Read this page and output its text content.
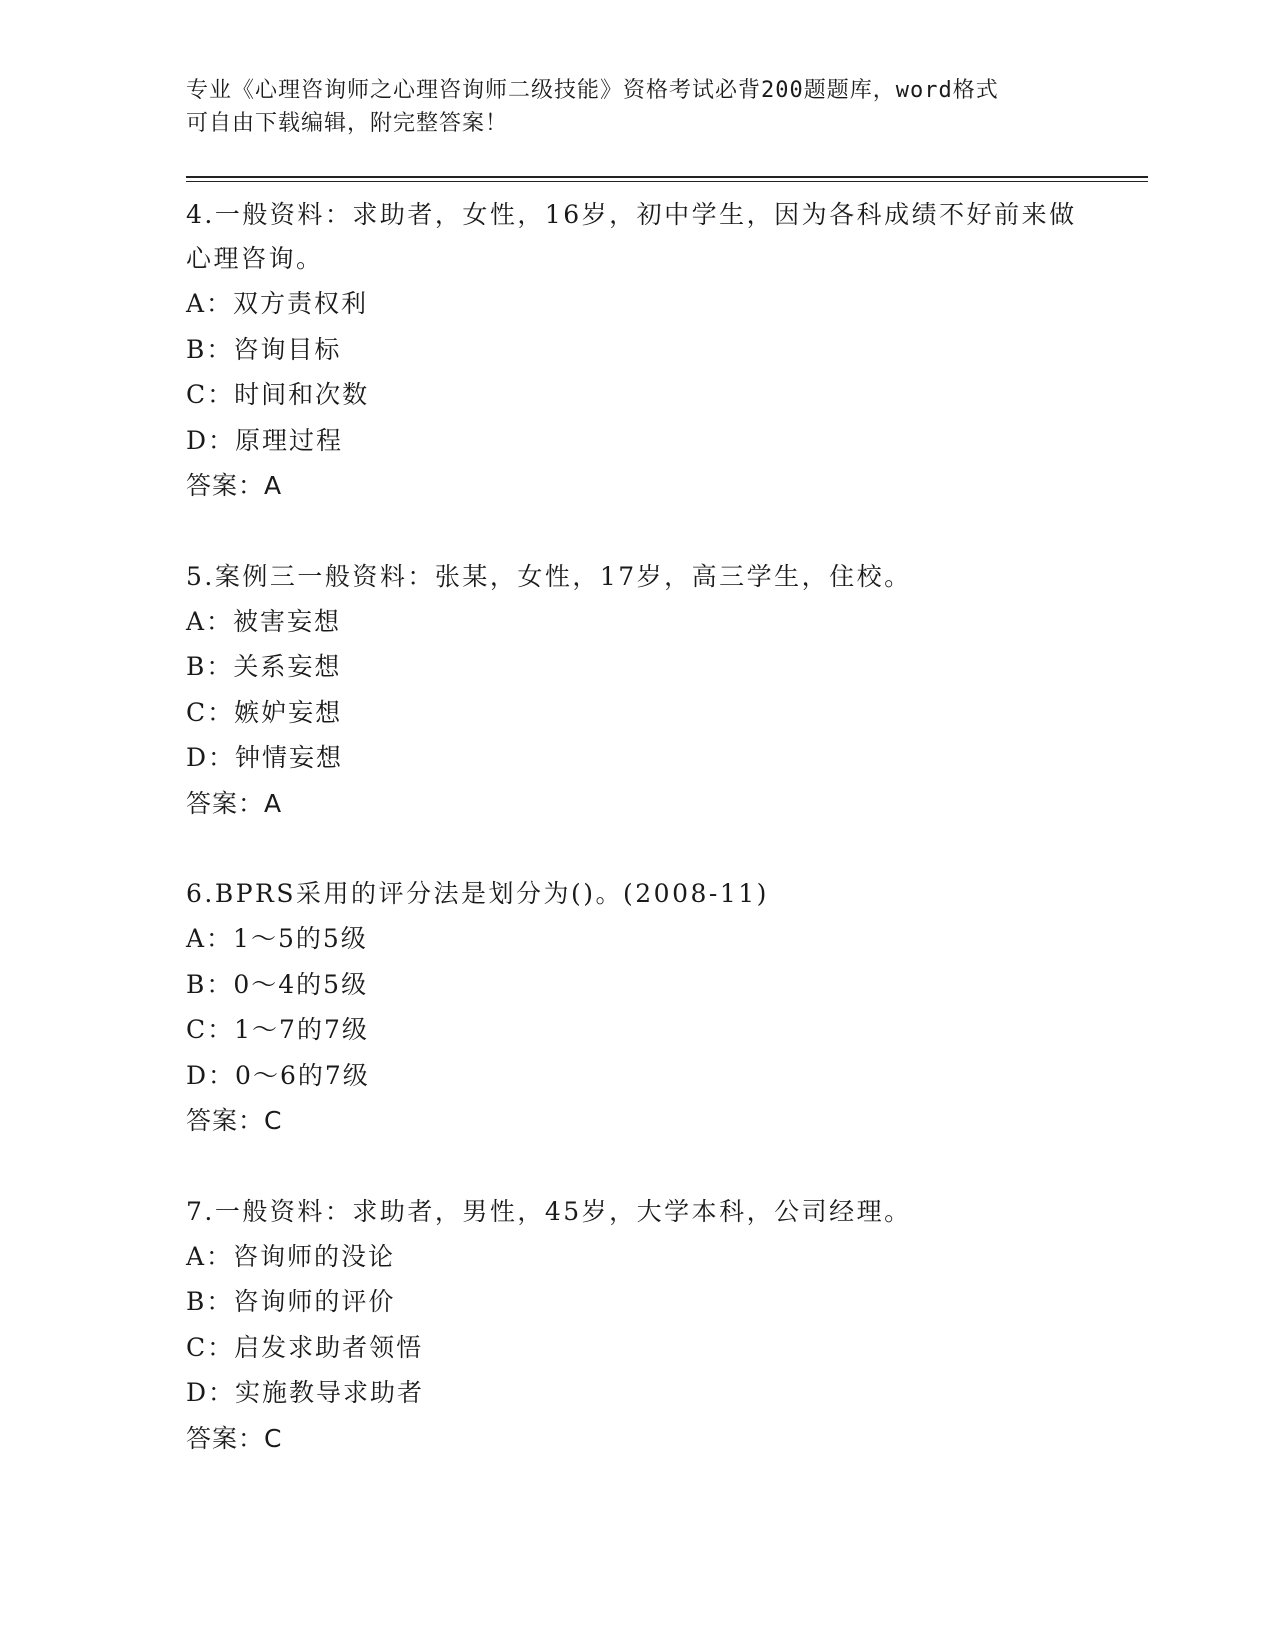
专业《心理咨询师之心理咨询师二级技能》资格考试必背200题题库，word格式
可自由下载编辑，附完整答案！

4.一般资料：求助者，女性，16岁，初中学生，因为各科成绩不好前来做心理咨询。

A：双方责权利

B：咨询目标

C：时间和次数

D：原理过程

答案：A

5.案例三一般资料：张某，女性，17岁，高三学生，住校。

A：被害妄想

B：关系妄想

C：嫉妒妄想

D：钟情妄想

答案：A

6.BPRS采用的评分法是划分为()。(2008-11)

A：1～5的5级

B：0～4的5级

C：1～7的7级

D：0～6的7级

答案：C

7.一般资料：求助者，男性，45岁，大学本科，公司经理。

A：咨询师的没论

B：咨询师的评价

C：启发求助者领悟

D：实施教导求助者

答案：C
